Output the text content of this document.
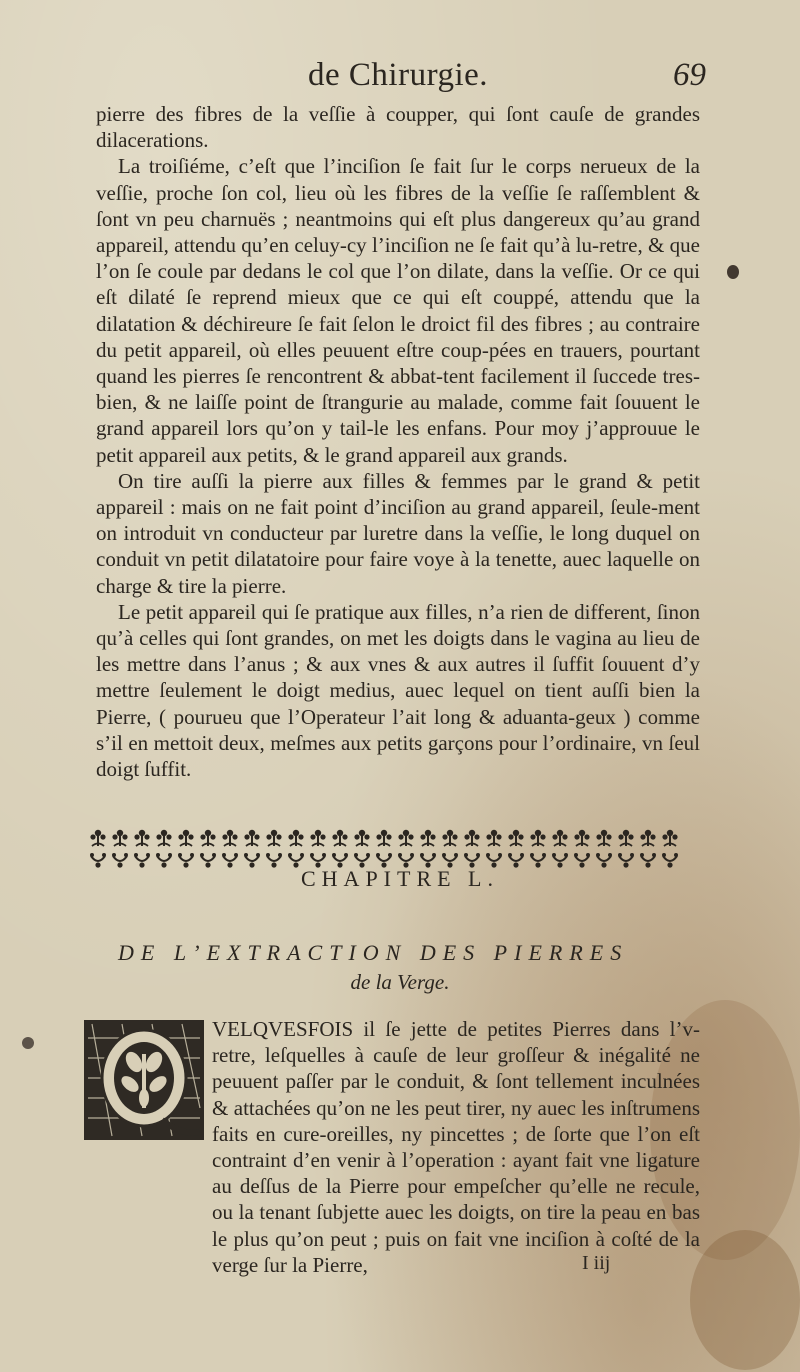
de Chirurgie.	69

pierre des fibres de la veſſie à coupper, qui ſont cauſe de grandes dilacerations.

La troiſiéme, c’eſt que l’inciſion ſe fait ſur le corps nerueux de la veſſie, proche ſon col, lieu où les fibres de la veſſie ſe raſſemblent & ſont vn peu charnuës ; neantmoins qui eſt plus dangereux qu’au grand appareil, attendu qu’en celuy-cy l’inciſion ne ſe fait qu’à lu-retre, & que l’on ſe coule par dedans le col que l’on dilate, dans la veſſie. Or ce qui eſt dilaté ſe reprend mieux que ce qui eſt couppé, attendu que la dilatation & déchireure ſe fait ſelon le droict fil des fibres ; au contraire du petit appareil, où elles peuuent eſtre coup-pées en trauers, pourtant quand les pierres ſe rencontrent & abbat-tent facilement il ſuccede tres-bien, & ne laiſſe point de ſtrangurie au malade, comme fait ſouuent le grand appareil lors qu’on y tail-le les enfans. Pour moy j’approuue le petit appareil aux petits, & le grand appareil aux grands.

On tire auſſi la pierre aux filles & femmes par le grand & petit appareil : mais on ne fait point d’inciſion au grand appareil, ſeule-ment on introduit vn conducteur par luretre dans la veſſie, le long duquel on conduit vn petit dilatatoire pour faire voye à la tenette, auec laquelle on charge & tire la pierre.

Le petit appareil qui ſe pratique aux filles, n’a rien de different, ſinon qu’à celles qui ſont grandes, on met les doigts dans le vagina au lieu de les mettre dans l’anus ; & aux vnes & aux autres il ſuffit ſouuent d’y mettre ſeulement le doigt medius, auec lequel on tient auſſi bien la Pierre, ( pourueu que l’Operateur l’ait long & aduanta-geux ) comme s’il en mettoit deux, meſmes aux petits garçons pour l’ordinaire, vn ſeul doigt ſuffit.

CHAPITRE L.
DE L’EXTRACTION DES PIERRES
de la Verge.
VELQVESFOIS il ſe jette de petites Pierres dans l’v-retre, leſquelles à cauſe de leur groſſeur & inégalité ne peuuent paſſer par le conduit, & ſont tellement inculnées & attachées qu’on ne les peut tirer, ny auec les inſtrumens faits en cure-oreilles, ny pincettes ; de ſorte que l’on eſt contraint d’en venir à l’operation : ayant fait vne ligature au deſſus de la Pierre pour empeſcher qu’elle ne recule, ou la tenant ſubjette auec les doigts, on tire la peau en bas le plus qu’on peut ; puis on fait vne inciſion à coſté de la verge ſur la Pierre,	I iij
